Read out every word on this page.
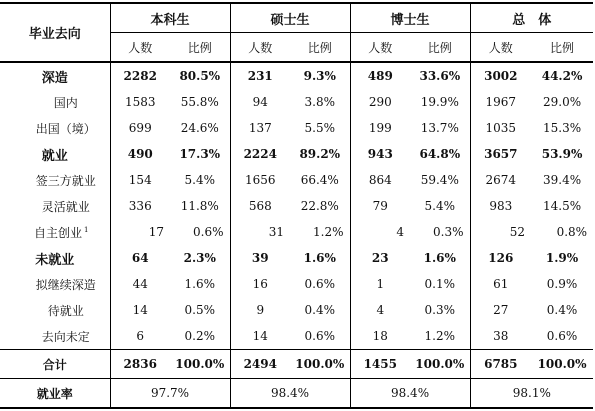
毕业去向	本科生		硕士生		博士生		总　体	
	人数	比例	人数	比例	人数	比例	人数	比例
深造	2282	80.5%	231	9.3%	489	33.6%	3002	44.2%
国内	1583	55.8%	94	3.8%	290	19.9%	1967	29.0%
出国（境）	699	24.6%	137	5.5%	199	13.7%	1035	15.3%
就业	490	17.3%	2224	89.2%	943	64.8%	3657	53.9%
签三方就业	154	5.4%	1656	66.4%	864	59.4%	2674	39.4%
灵活就业	336	11.8%	568	22.8%	79	5.4%	983	14.5%
自主创业 $^1$	17	0.6%	31	1.2%	4	0.3%	52	0.8%
未就业	64	2.3%	39	1.6%	23	1.6%	126	1.9%
拟继续深造	44	1.6%	16	0.6%	1	0.1%	61	0.9%
待就业	14	0.5%	9	0.4%	4	0.3%	27	0.4%
去向未定	6	0.2%	14	0.6%	18	1.2%	38	0.6%
合计	2836	100.0%	2494	100.0%	1455	100.0%	6785	100.0%
就业率	97.7%		98.4%		98.4%		98.1%	
